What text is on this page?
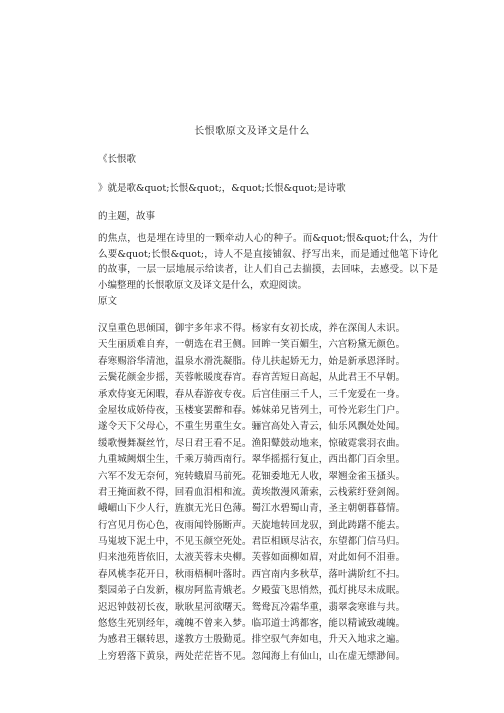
长恨歌原文及译文是什么
《长恨歌
》就是歌&quot;长恨&quot;，&quot;长恨&quot;是诗歌
的主题，故事
的焦点，也是埋在诗里的一颗牵动人心的种子。而&quot;恨&quot;什么，为什么要&quot;长恨&quot;，诗人不是直接铺叙、抒写出来，而是通过他笔下诗化的故事，一层一层地展示给读者，让人们自己去揣摸，去回味，去感受。以下是小编整理的长恨歌原文及译文是什么，欢迎阅读。
原文
汉皇重色思倾国，御宇多年求不得。杨家有女初长成，养在深闺人未识。
天生丽质难自弃，一朝选在君王侧。回眸一笑百媚生，六宫粉黛无颜色。
春寒赐浴华清池，温泉水滑洗凝脂。侍儿扶起娇无力，始是新承恩泽时。
云鬓花颜金步摇，芙蓉帐暖度春宵。春宵苦短日高起，从此君王不早朝。
承欢侍宴无闲暇，春从春游夜专夜。后宫佳丽三千人，三千宠爱在一身。
金屋妆成娇侍夜，玉楼宴罢醉和春。姊妹弟兄皆列土，可怜光彩生门户。
遂令天下父母心，不重生男重生女。骊宫高处入青云，仙乐风飘处处闻。
缓歌慢舞凝丝竹，尽日君王看不足。渔阳鼙鼓动地来，惊破霓裳羽衣曲。
九重城阙烟尘生，千乘万骑西南行。翠华摇摇行复止，西出都门百余里。
六军不发无奈何，宛转蛾眉马前死。花钿委地无人收，翠翘金雀玉搔头。
君王掩面救不得，回看血泪相和流。黄埃散漫风萧索，云栈萦纡登剑阁。
峨嵋山下少人行，旌旗无光日色薄。蜀江水碧蜀山青，圣主朝朝暮暮情。
行宫见月伤心色，夜雨闻铃肠断声。天旋地转回龙驭，到此踌躇不能去。
马嵬坡下泥土中，不见玉颜空死处。君臣相顾尽沾衣，东望都门信马归。
归来池苑皆依旧，太液芙蓉未央柳。芙蓉如面柳如眉，对此如何不泪垂。
春风桃李花开日，秋雨梧桐叶落时。西宫南内多秋草，落叶满阶红不扫。
梨园弟子白发新，椒房阿监青娥老。夕殿萤飞思悄然，孤灯挑尽未成眠。
迟迟钟鼓初长夜，耿耿星河欲曙天。鸳鸯瓦冷霜华重，翡翠衾寒谁与共。
悠悠生死别经年，魂魄不曾来入梦。临邛道士鸿都客，能以精诚致魂魄。
为感君王辗转思，遂教方士殷勤觅。排空驭气奔如电，升天入地求之遍。
上穷碧落下黄泉，两处茫茫皆不见。忽闻海上有仙山，山在虚无缥渺间。
